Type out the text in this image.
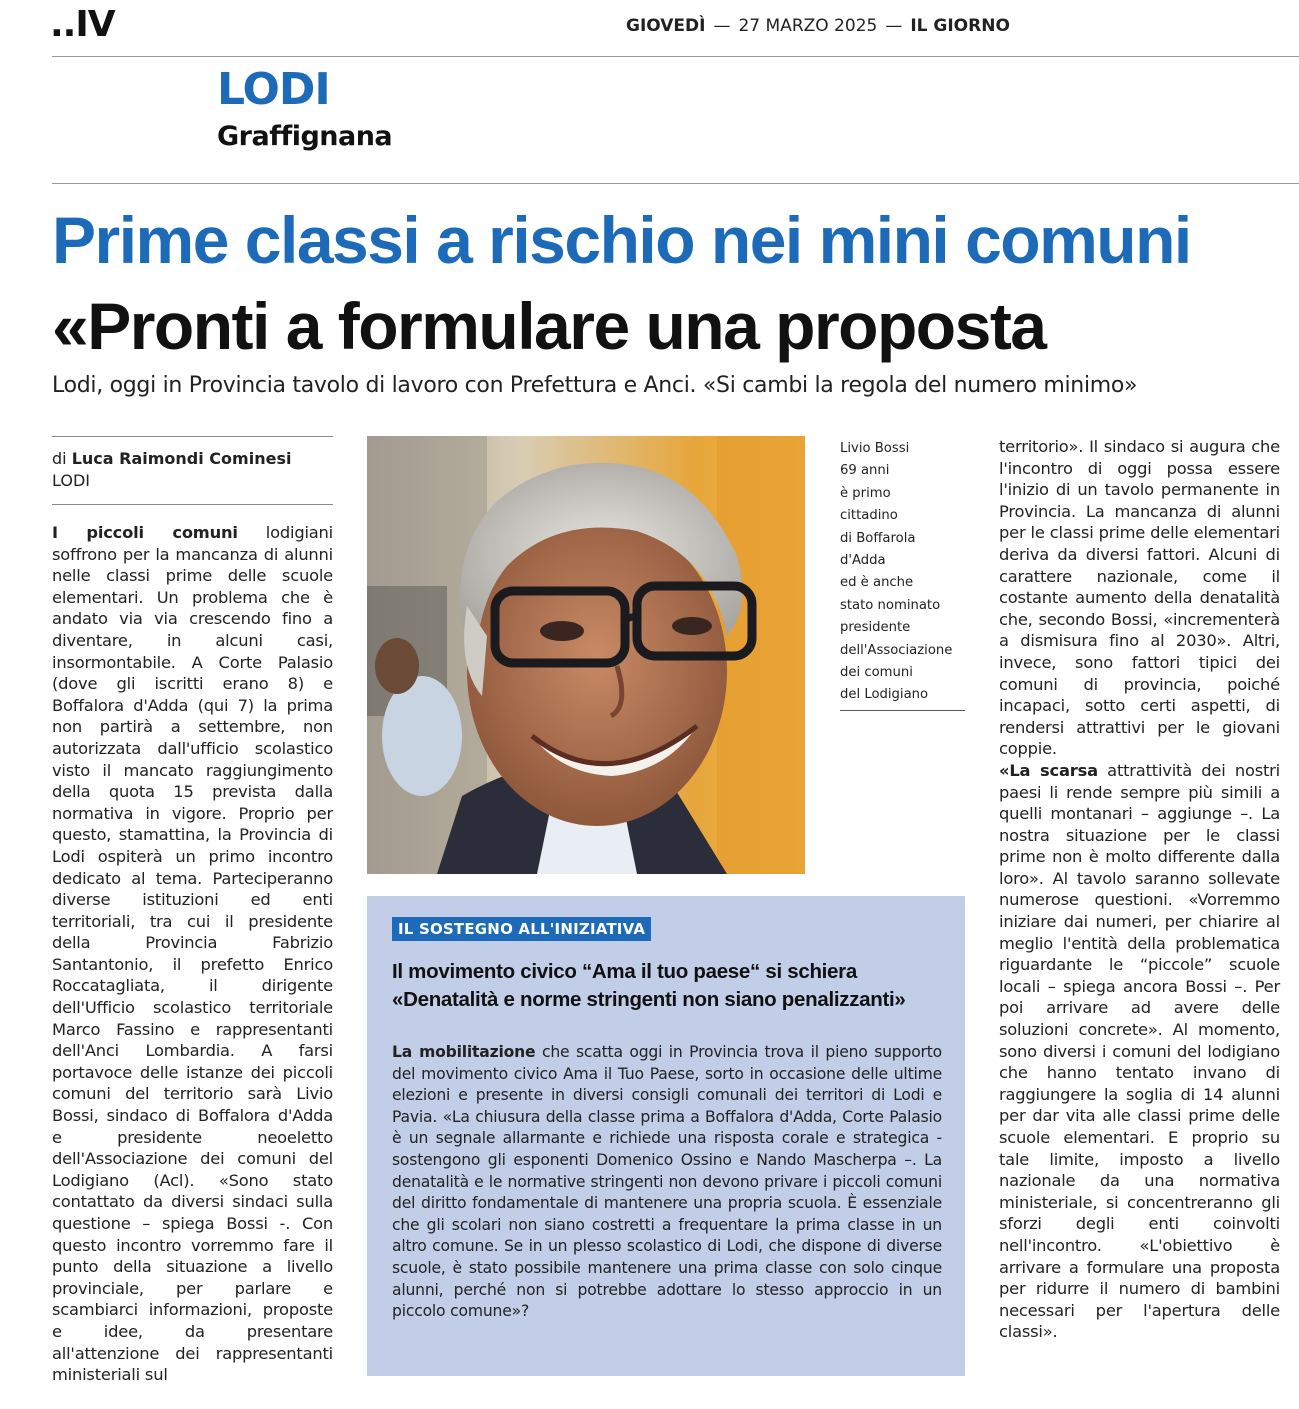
..IV	GIOVEDÌ — 27 MARZO 2025 — IL GIORNO
LODI
Graffignana
Prime classi a rischio nei mini comuni
«Pronti a formulare una proposta
Lodi, oggi in Provincia tavolo di lavoro con Prefettura e Anci. «Si cambi la regola del numero minimo»
di Luca Raimondi Cominesi
LODI
I piccoli comuni lodigiani soffrono per la mancanza di alunni nelle classi prime delle scuole elementari. Un problema che è andato via via crescendo fino a diventare, in alcuni casi, insormontabile. A Corte Palasio (dove gli iscritti erano 8) e Boffalora d'Adda (qui 7) la prima non partirà a settembre, non autorizzata dall'ufficio scolastico visto il mancato raggiungimento della quota 15 prevista dalla normativa in vigore. Proprio per questo, stamattina, la Provincia di Lodi ospiterà un primo incontro dedicato al tema. Parteciperanno diverse istituzioni ed enti territoriali, tra cui il presidente della Provincia Fabrizio Santantonio, il prefetto Enrico Roccatagliata, il dirigente dell'Ufficio scolastico territoriale Marco Fassino e rappresentanti dell'Anci Lombardia. A farsi portavoce delle istanze dei piccoli comuni del territorio sarà Livio Bossi, sindaco di Boffalora d'Adda e presidente neoeletto dell'Associazione dei comuni del Lodigiano (Acl). «Sono stato contattato da diversi sindaci sulla questione – spiega Bossi -. Con questo incontro vorremmo fare il punto della situazione a livello provinciale, per parlare e scambiarci informazioni, proposte e idee, da presentare all'attenzione dei rappresentanti ministeriali sul
Livio Bossi
69 anni
è primo
cittadino
di Boffarola
d'Adda
ed è anche
stato nominato
presidente
dell'Associazione
dei comuni
del Lodigiano
territorio». Il sindaco si augura che l'incontro di oggi possa essere l'inizio di un tavolo permanente in Provincia. La mancanza di alunni per le classi prime delle elementari deriva da diversi fattori. Alcuni di carattere nazionale, come il costante aumento della denatalità che, secondo Bossi, «incrementerà a dismisura fino al 2030». Altri, invece, sono fattori tipici dei comuni di provincia, poiché incapaci, sotto certi aspetti, di rendersi attrattivi per le giovani coppie.
«La scarsa attrattività dei nostri paesi li rende sempre più simili a quelli montanari – aggiunge –. La nostra situazione per le classi prime non è molto differente dalla loro». Al tavolo saranno sollevate numerose questioni. «Vorremmo iniziare dai numeri, per chiarire al meglio l'entità della problematica riguardante le “piccole” scuole locali – spiega ancora Bossi –. Per poi arrivare ad avere delle soluzioni concrete». Al momento, sono diversi i comuni del lodigiano che hanno tentato invano di raggiungere la soglia di 14 alunni per dar vita alle classi prime delle scuole elementari. E proprio su tale limite, imposto a livello nazionale da una normativa ministeriale, si concentreranno gli sforzi degli enti coinvolti nell'incontro. «L'obiettivo è arrivare a formulare una proposta per ridurre il numero di bambini necessari per l'apertura delle classi».
IL SOSTEGNO ALL'INIZIATIVA
Il movimento civico “Ama il tuo paese“ si schiera
«Denatalità e norme stringenti non siano penalizzanti»
La mobilitazione che scatta oggi in Provincia trova il pieno supporto del movimento civico Ama il Tuo Paese, sorto in occasione delle ultime elezioni e presente in diversi consigli comunali dei territori di Lodi e Pavia. «La chiusura della classe prima a Boffalora d'Adda, Corte Palasio è un segnale allarmante e richiede una risposta corale e strategica - sostengono gli esponenti Domenico Ossino e Nando Mascherpa –. La denatalità e le normative stringenti non devono privare i piccoli comuni del diritto fondamentale di mantenere una propria scuola. È essenziale che gli scolari non siano costretti a frequentare la prima classe in un altro comune. Se in un plesso scolastico di Lodi, che dispone di diverse scuole, è stato possibile mantenere una prima classe con solo cinque alunni, perché non si potrebbe adottare lo stesso approccio in un piccolo comune»?
